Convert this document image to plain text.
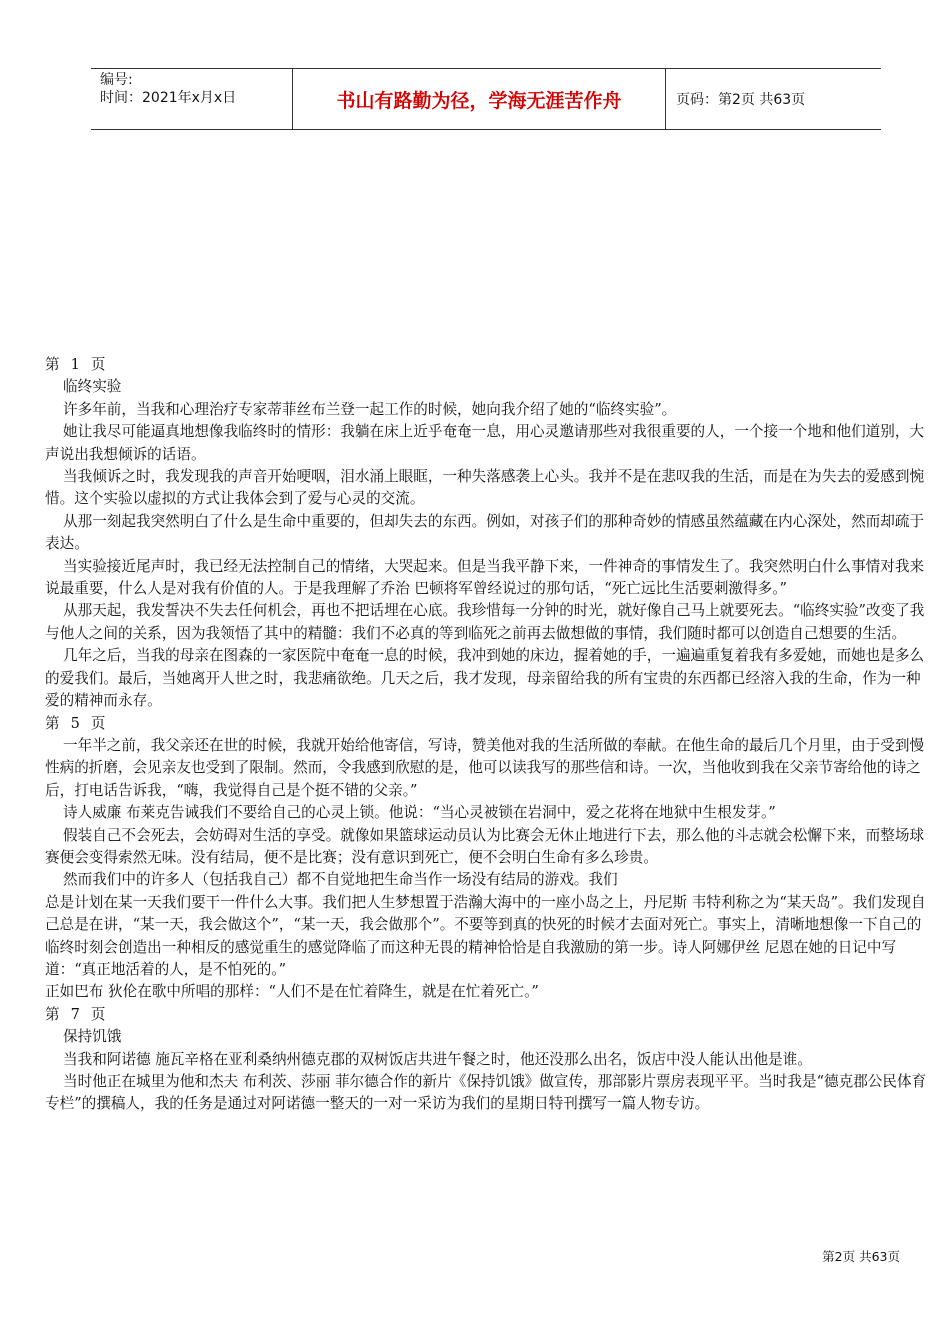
编号:
时间：2021年x月x日	书山有路勤为径，学海无涯苦作舟	页码：第2页 共63页

第1页

临终实验

许多年前，当我和心理治疗专家蒂菲丝布兰登一起工作的时候，她向我介绍了她的“临终实验”。

她让我尽可能逼真地想像我临终时的情形：我躺在床上近乎奄奄一息，用心灵邀请那些对我很重要的人，一个接一个地和他们道别，大声说出我想倾诉的话语。

当我倾诉之时，我发现我的声音开始哽咽，泪水涌上眼眶，一种失落感袭上心头。我并不是在悲叹我的生活，而是在为失去的爱感到惋惜。这个实验以虚拟的方式让我体会到了爱与心灵的交流。

从那一刻起我突然明白了什么是生命中重要的，但却失去的东西。例如，对孩子们的那种奇妙的情感虽然蕴藏在内心深处，然而却疏于表达。

当实验接近尾声时，我已经无法控制自己的情绪，大哭起来。但是当我平静下来，一件神奇的事情发生了。我突然明白什么事情对我来说最重要，什么人是对我有价值的人。于是我理解了乔治 巴顿将军曾经说过的那句话，“死亡远比生活要刺激得多。”

从那天起，我发誓决不失去任何机会，再也不把话埋在心底。我珍惜每一分钟的时光，就好像自己马上就要死去。“临终实验”改变了我与他人之间的关系，因为我领悟了其中的精髓：我们不必真的等到临死之前再去做想做的事情，我们随时都可以创造自己想要的生活。

几年之后，当我的母亲在图森的一家医院中奄奄一息的时候，我冲到她的床边，握着她的手，一遍遍重复着我有多爱她，而她也是多么的爱我们。最后，当她离开人世之时，我悲痛欲绝。几天之后，我才发现，母亲留给我的所有宝贵的东西都已经溶入我的生命，作为一种爱的精神而永存。

第5页

一年半之前，我父亲还在世的时候，我就开始给他寄信，写诗，赞美他对我的生活所做的奉献。在他生命的最后几个月里，由于受到慢性病的折磨，会见亲友也受到了限制。然而，令我感到欣慰的是，他可以读我写的那些信和诗。一次，当他收到我在父亲节寄给他的诗之后，打电话告诉我，“嗨，我觉得自己是个挺不错的父亲。”

诗人威廉 布莱克告诫我们不要给自己的心灵上锁。他说：“当心灵被锁在岩洞中，爱之花将在地狱中生根发芽。”

假装自己不会死去，会妨碍对生活的享受。就像如果篮球运动员认为比赛会无休止地进行下去，那么他的斗志就会松懈下来，而整场球赛便会变得索然无味。没有结局，便不是比赛；没有意识到死亡，便不会明白生命有多么珍贵。

然而我们中的许多人（包括我自己）都不自觉地把生命当作一场没有结局的游戏。我们

总是计划在某一天我们要干一件什么大事。我们把人生梦想置于浩瀚大海中的一座小岛之上，丹尼斯 韦特利称之为“某天岛”。我们发现自己总是在讲，“某一天，我会做这个”，“某一天，我会做那个”。不要等到真的快死的时候才去面对死亡。事实上，清晰地想像一下自己的临终时刻会创造出一种相反的感觉重生的感觉降临了而这种无畏的精神恰恰是自我激励的第一步。诗人阿娜伊丝 尼恩在她的日记中写道：“真正地活着的人，是不怕死的。”

正如巴布 狄伦在歌中所唱的那样：“人们不是在忙着降生，就是在忙着死亡。”

第7页

保持饥饿

当我和阿诺德 施瓦辛格在亚利桑纳州德克郡的双树饭店共进午餐之时，他还没那么出名，饭店中没人能认出他是谁。

当时他正在城里为他和杰夫 布利茨、莎丽 菲尔德合作的新片《保持饥饿》做宣传，那部影片票房表现平平。当时我是“德克郡公民体育专栏”的撰稿人，我的任务是通过对阿诺德一整天的一对一采访为我们的星期日特刊撰写一篇人物专访。

第2页 共63页
